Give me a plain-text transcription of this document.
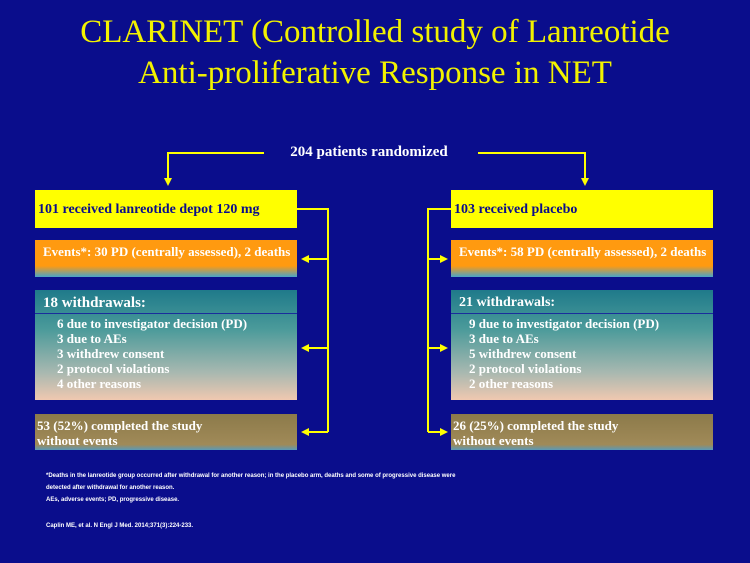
CLARINET (Controlled study of Lanreotide
Anti-proliferative Response in NET
204 patients randomized
101 received lanreotide depot 120 mg
Events*: 30 PD (centrally assessed), 2 deaths
18 withdrawals:
6 due to investigator decision (PD)
3 due to AEs
3 withdrew consent
2 protocol violations
4 other reasons
53 (52%) completed the study
without events
103 received placebo
Events*: 58 PD (centrally assessed), 2 deaths
21 withdrawals:
9 due to investigator decision (PD)
3 due to AEs
5 withdrew consent
2 protocol violations
2 other reasons
26 (25%) completed the study
without events
*Deaths in the lanreotide group occurred after withdrawal for another reason; in the placebo arm, deaths and some of progressive disease were
detected after withdrawal for another reason.
AEs, adverse events; PD, progressive disease.
Caplin ME, et al. N Engl J Med. 2014;371(3):224-233.
